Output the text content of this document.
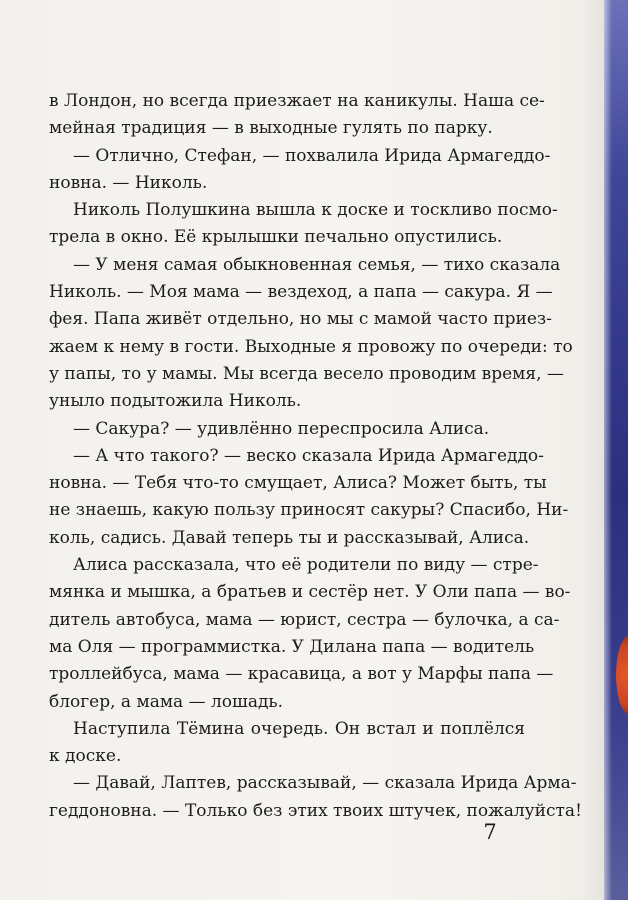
в Лондон, но всегда приезжает на каникулы. Наша се-
мейная традиция — в выходные гулять по парку.
— Отлично, Стефан, — похвалила Ирида Армагеддо-
новна. — Николь.
Николь Полушкина вышла к доске и тоскливо посмо-
трела в окно. Её крылышки печально опустились.
— У меня самая обыкновенная семья, — тихо сказала
Николь. — Моя мама — вездеход, а папа — сакура. Я —
фея. Папа живёт отдельно, но мы с мамой часто приез-
жаем к нему в гости. Выходные я провожу по очереди: то
у папы, то у мамы. Мы всегда весело проводим время, —
уныло подытожила Николь.
— Сакура? — удивлённо переспросила Алиса.
— А что такого? — веско сказала Ирида Армагеддо-
новна. — Тебя что-то смущает, Алиса? Может быть, ты
не знаешь, какую пользу приносят сакуры? Спасибо, Ни-
коль, садись. Давай теперь ты и рассказывай, Алиса.
Алиса рассказала, что её родители по виду — стре-
мянка и мышка, а братьев и сестёр нет. У Оли папа — во-
дитель автобуса, мама — юрист, сестра — булочка, а са-
ма Оля — программистка. У Дилана папа — водитель
троллейбуса, мама — красавица, а вот у Марфы папа —
блогер, а мама — лошадь.
Наступила Тёмина очередь. Он встал и поплёлся
к доске.
— Давай, Лаптев, рассказывай, — сказала Ирида Арма-
геддоновна. — Только без этих твоих штучек, пожалуйста!
7
